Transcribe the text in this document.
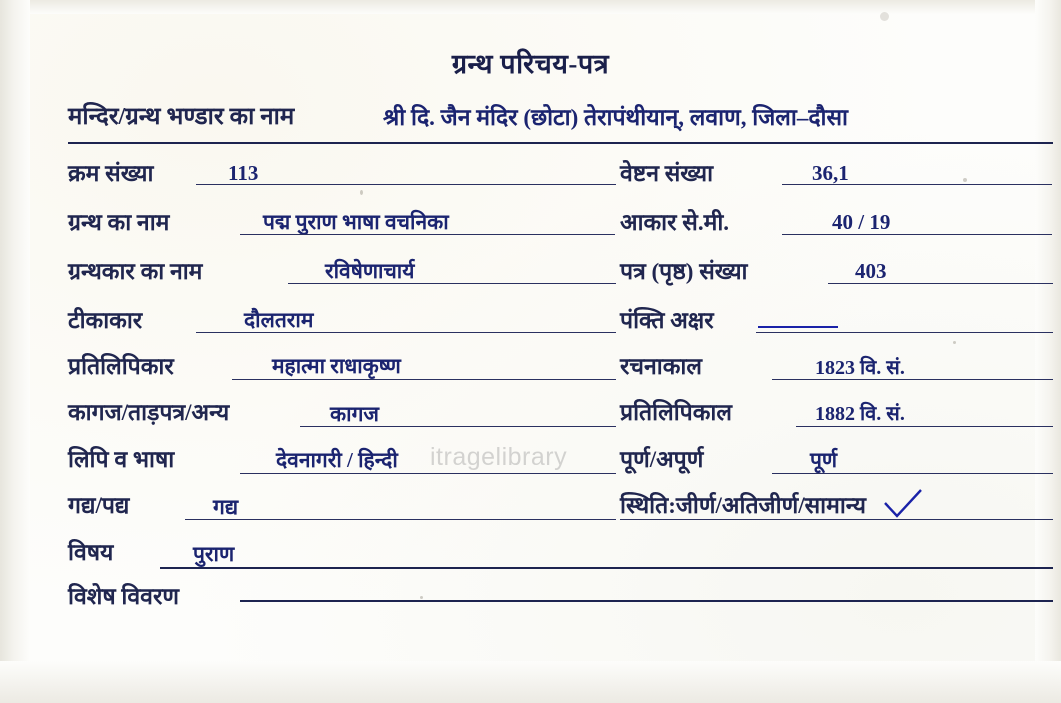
ग्रन्थ परिचय-पत्र
मन्दिर/ग्रन्थ भण्डार का नाम	श्री दि. जैन मंदिर (छोटा) तेरापंथीयान्, लवाण, जिला–दौसा
क्रम संख्या	113	वेष्टन संख्या	36,1
ग्रन्थ का नाम	पद्म पुराण भाषा वचनिका	आकार से.मी.	40 / 19
ग्रन्थकार का नाम	रविषेणाचार्य	पत्र (पृष्ठ) संख्या	403
टीकाकार	दौलतराम	पंक्ति अक्षर
प्रतिलिपिकार	महात्मा राधाकृष्ण	रचनाकाल	1823 वि. सं.
कागज/ताड़पत्र/अन्य	कागज	प्रतिलिपिकाल	1882 वि. सं.
लिपि व भाषा	देवनागरी / हिन्दी	पूर्ण/अपूर्ण	पूर्ण
गद्य/पद्य	गद्य	स्थिति:जीर्ण/अतिजीर्ण/सामान्य
विषय	पुराण
विशेष विवरण
itragelibrary
